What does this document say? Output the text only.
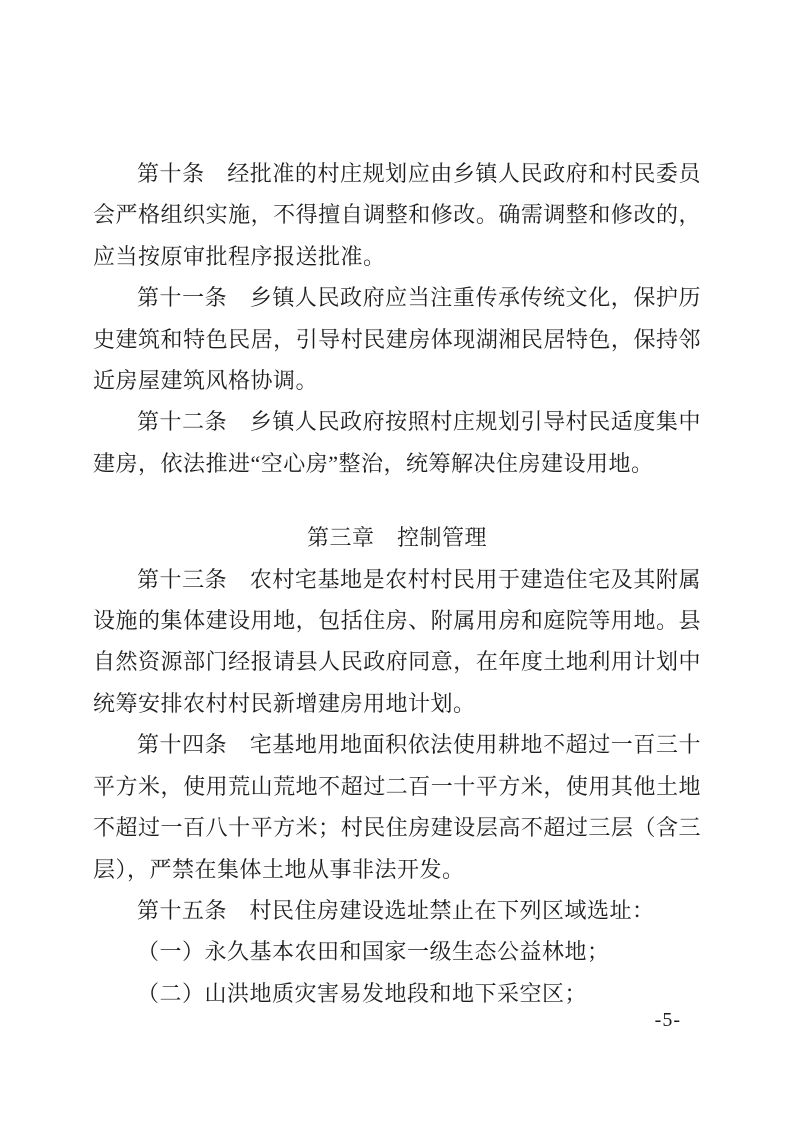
第十条　经批准的村庄规划应由乡镇人民政府和村民委员会严格组织实施，不得擅自调整和修改。确需调整和修改的，应当按原审批程序报送批准。

第十一条　乡镇人民政府应当注重传承传统文化，保护历史建筑和特色民居，引导村民建房体现湖湘民居特色，保持邻近房屋建筑风格协调。

第十二条　乡镇人民政府按照村庄规划引导村民适度集中建房，依法推进“空心房”整治，统筹解决住房建设用地。

第三章　控制管理

第十三条　农村宅基地是农村村民用于建造住宅及其附属设施的集体建设用地，包括住房、附属用房和庭院等用地。县自然资源部门经报请县人民政府同意，在年度土地利用计划中统筹安排农村村民新增建房用地计划。

第十四条　宅基地用地面积依法使用耕地不超过一百三十平方米，使用荒山荒地不超过二百一十平方米，使用其他土地不超过一百八十平方米；村民住房建设层高不超过三层（含三层），严禁在集体土地从事非法开发。

第十五条　村民住房建设选址禁止在下列区域选址：

（一）永久基本农田和国家一级生态公益林地；

（二）山洪地质灾害易发地段和地下采空区；

-5-
